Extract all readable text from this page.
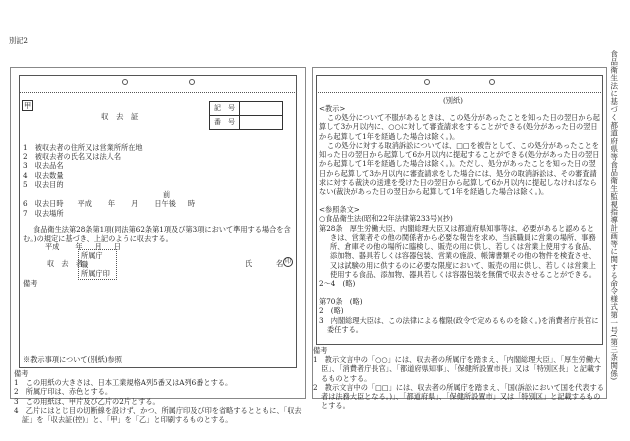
別記2
食品衛生法に基づく都道府県等食品衛生監視指導計画等に関する命令様式第一号(第三条関係)
甲
収　去　証
記　号	
番　号	
1　被収去者の住所又は営業所所在地
2　被収去者の氏名又は法人名
3　収去品名
4　収去数量
5　収去目的
前
6　収去日時 平成 年 月 日午後 時
7　収去場所
食品衛生法第28条第1項(同法第62条第1項及び第3項において準用する場合を含む。)の規定に基づき、上記のように収去する。
平成 年 月 日
収　去　者
所属庁
職
所属庁印
氏	名 印
備考
※教示事項について(別紙)参照
備考
1　この用紙の大きさは、日本工業規格A列5番又はA列6番とする。
2　所属庁印は、赤色とする。
3　この用紙は、甲片及び乙片の2片とする。
4　乙片にはとじ目の切断線を設けず、かつ、所属庁印及び印を省略するとともに、「収去証」を「収去証(控)」と、「甲」を「乙」と印刷するものとする。
(別紙)
<教示>

この処分について不服があるときは、この処分があったことを知った日の翌日から起算して3か月以内に、○○に対して審査請求をすることができる(処分があった日の翌日から起算して1年を経過した場合は除く。)。

この処分に対する取消訴訟については、□□を被告として、この処分があったことを知った日の翌日から起算して6か月以内に提起することができる(処分があった日の翌日から起算して1年を経過した場合は除く。)。ただし、処分があったことを知った日の翌日から起算して3か月以内に審査請求をした場合には、処分の取消訴訟は、その審査請求に対する裁決の送達を受けた日の翌日から起算して6か月以内に提起しなければならない(裁決があった日の翌日から起算して1年を経過した場合は除く。)。

<参照条文>
○食品衛生法(昭和22年法律第233号)(抄)
第28条　厚生労働大臣、内閣総理大臣又は都道府県知事等は、必要があると認めるときは、営業者その他の関係者から必要な報告を求め、当該職員に営業の場所、事務所、倉庫その他の場所に臨検し、販売の用に供し、若しくは営業上使用する食品、添加物、器具若しくは容器包装、営業の施設、帳簿書類その他の物件を検査させ、又は試験の用に供するのに必要な限度において、販売の用に供し、若しくは営業上使用する食品、添加物、器具若しくは容器包装を無償で収去させることができる。
2～4　(略)
第70条　(略)
2　(略)
3　内閣総理大臣は、この法律による権限(政令で定めるものを除く。)を消費者庁長官に委任する。
備考
1　教示文言中の「○○」には、収去者の所属庁を踏まえ、「内閣総理大臣」、「厚生労働大臣」、「消費者庁長官」、「都道府県知事」、「保健所設置市長」又は「特別区長」と記載するものとする。
2　教示文言中の「□□」には、収去者の所属庁を踏まえ、「国(訴訟において国を代表する者は法務大臣となる。)」、「都道府県」、「保健所設置市」又は「特別区」と記載するものとする。
